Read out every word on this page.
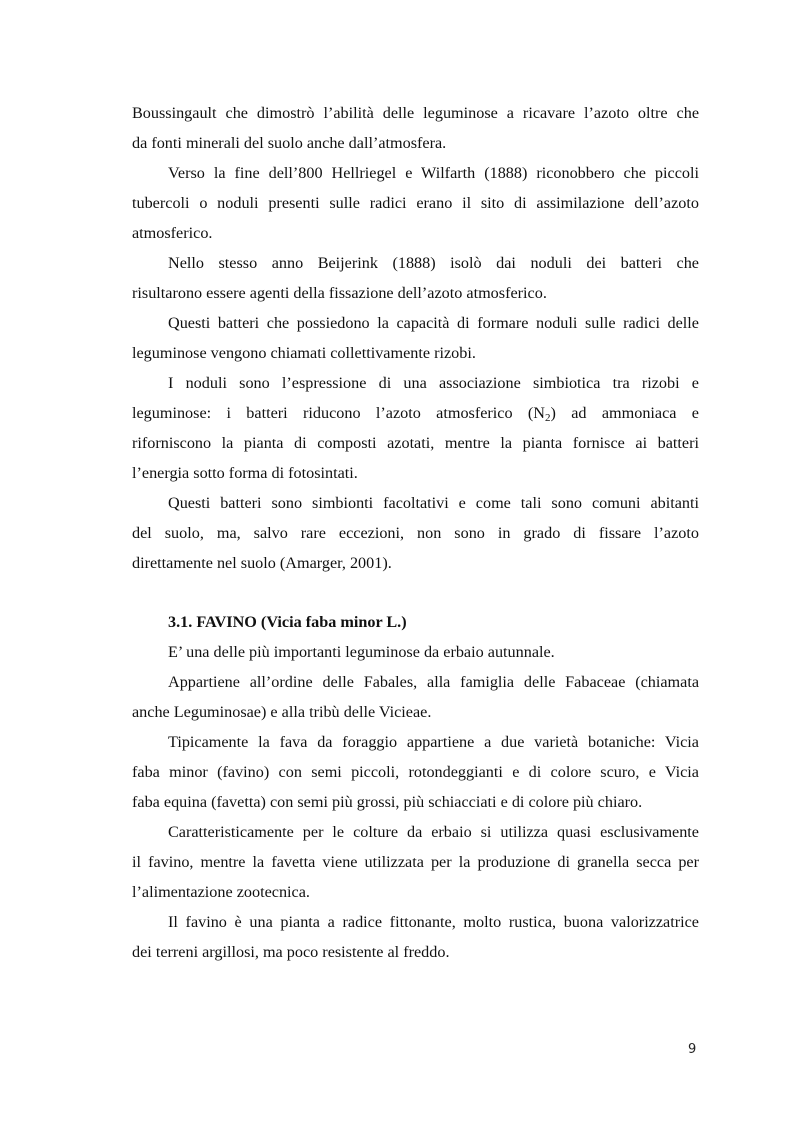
Boussingault che dimostrò l’abilità delle leguminose a ricavare l’azoto oltre che
da fonti minerali del suolo anche dall’atmosfera.
Verso la fine dell’800 Hellriegel e Wilfarth (1888) riconobbero che piccoli
tubercoli o noduli presenti sulle radici erano il sito di assimilazione dell’azoto
atmosferico.
Nello stesso anno Beijerink (1888) isolò dai noduli dei batteri che
risultarono essere agenti della fissazione dell’azoto atmosferico.
Questi batteri che possiedono la capacità di formare noduli sulle radici delle
leguminose vengono chiamati collettivamente rizobi.
I noduli sono l’espressione di una associazione simbiotica tra rizobi e
leguminose: i batteri riducono l’azoto atmosferico $(N_2)$ ad ammoniaca e
riforniscono la pianta di composti azotati, mentre la pianta fornisce ai batteri
l’energia sotto forma di fotosintati.
Questi batteri sono simbionti facoltativi e come tali sono comuni abitanti
del suolo, ma, salvo rare eccezioni, non sono in grado di fissare l’azoto
direttamente nel suolo (Amarger, 2001).
3.1. FAVINO (Vicia faba minor L.)
E’ una delle più importanti leguminose da erbaio autunnale.
Appartiene all’ordine delle Fabales, alla famiglia delle Fabaceae (chiamata
anche Leguminosae) e alla tribù delle Vicieae.
Tipicamente la fava da foraggio appartiene a due varietà botaniche: Vicia
faba minor (favino) con semi piccoli, rotondeggianti e di colore scuro, e Vicia
faba equina (favetta) con semi più grossi, più schiacciati e di colore più chiaro.
Caratteristicamente per le colture da erbaio si utilizza quasi esclusivamente
il favino, mentre la favetta viene utilizzata per la produzione di granella secca per
l’alimentazione zootecnica.
Il favino è una pianta a radice fittonante, molto rustica, buona valorizzatrice
dei terreni argillosi, ma poco resistente al freddo.
9
